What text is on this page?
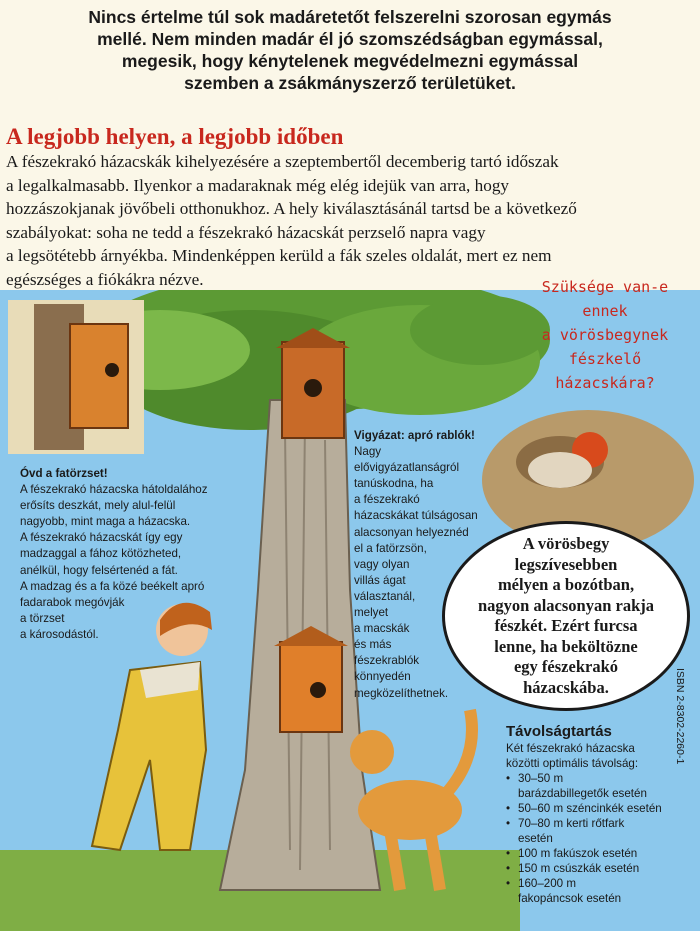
Nincs értelme túl sok madáretetőt felszerelni szorosan egymás
mellé. Nem minden madár él jó szomszédságban egymással,
megesik, hogy kénytelenek megvédelmezni egymással
szemben a zsákmányszerző területüket.
A legjobb helyen, a legjobb időben
A fészekrakó házacskák kihelyezésére a szeptembertől decemberig tartó időszak
a legalkalmasabb. Ilyenkor a madaraknak még elég idejük van arra, hogy
hozzászokjanak jövőbeli otthonukhoz. A hely kiválasztásánál tartsd be a következő
szabályokat: soha ne tedd a fészekrakó házacskát perzselő napra vagy
a legsötétebb árnyékba. Mindenképpen kerüld a fák szeles oldalát, mert ez nem
egészséges a fiókákra nézve.	Szüksége van-e
ennek
a vörösbegynek
fészkelő
házacskára?
Óvd a fatörzset!
A fészekrakó házacska hátoldalához
erősíts deszkát, mely alul-felül
nagyobb, mint maga a házacska.
A fészekrakó házacskát így egy
madzaggal a fához kötözheted,
anélkül, hogy felsértenéd a fát.
A madzag és a fa közé beékelt apró
fadarabok megóvják
a törzset
a károsodástól.
Vigyázat: apró rablók!
Nagy
elővigyázatlanságról
tanúskodna, ha
a fészekrakó
házacskákat túlságosan
alacsonyan helyeznéd
el a fatörzsön,
vagy olyan
villás ágat
választanál,
melyet
a macskák
és más
fészekrablók
könnyedén
megközelíthetnek.
A vörösbegy
legszívesebben
mélyen a bozótban,
nagyon alacsonyan rakja
fészkét. Ezért furcsa
lenne, ha beköltözne
egy fészekrakó
házacskába.
Távolságtartás
Két fészekrakó házacska
közötti optimális távolság:
• 30–50 m
barázdabillegetők esetén
• 50–60 m széncinkék esetén
• 70–80 m kerti rőtfark
esetén
• 100 m fakúszok esetén
• 150 m csúszkák esetén
• 160–200 m
fakopáncsok esetén
ISBN 2-8302-2260-1
